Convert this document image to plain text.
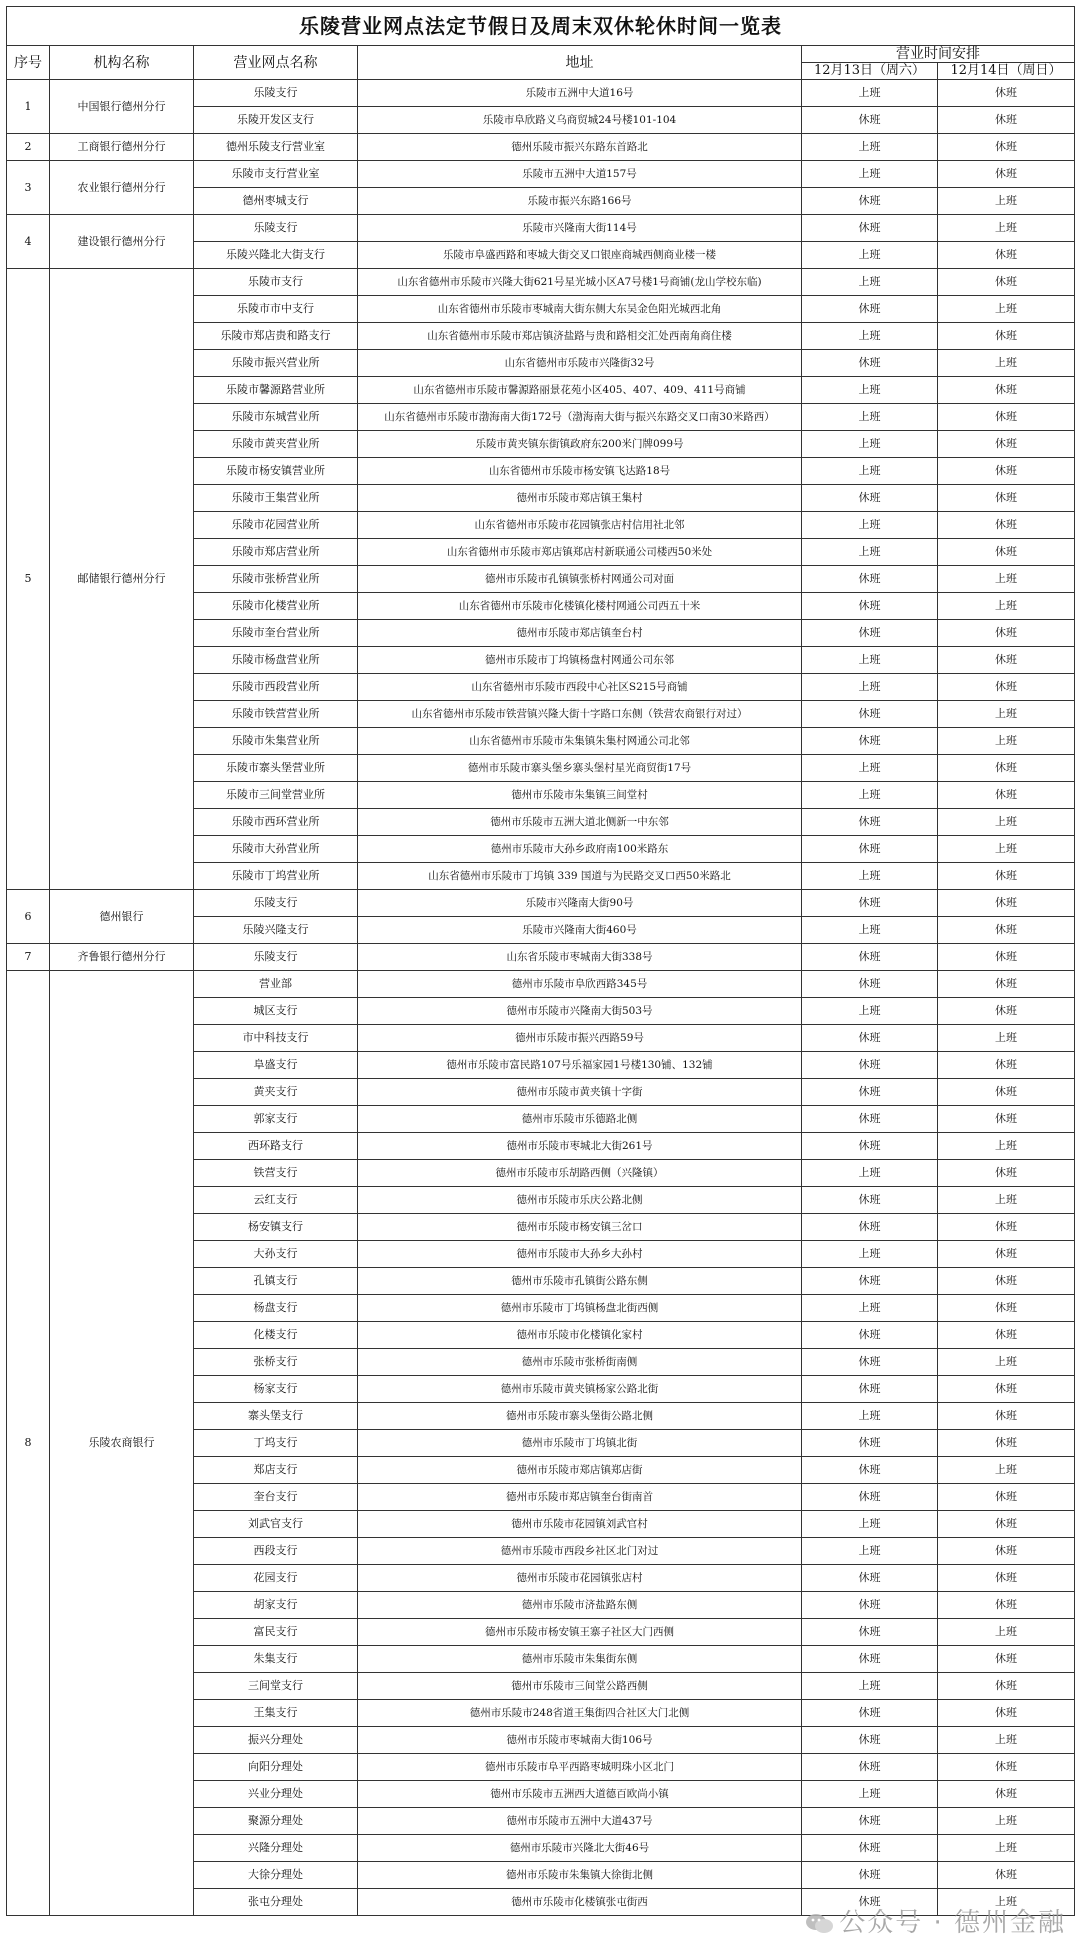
乐陵营业网点法定节假日及周末双休轮休时间一览表					
序号	机构名称	营业网点名称	地址	营业时间安排	
				12月13日（周六）	12月14日（周日）
1	中国银行德州分行	乐陵支行	乐陵市五洲中大道16号	上班	休班
		乐陵开发区支行	乐陵市阜欣路义乌商贸城24号楼101-104	休班	休班
2	工商银行德州分行	德州乐陵支行营业室	德州乐陵市振兴东路东首路北	上班	休班
3	农业银行德州分行	乐陵市支行营业室	乐陵市五洲中大道157号	上班	休班
		德州枣城支行	乐陵市振兴东路166号	休班	上班
4	建设银行德州分行	乐陵支行	乐陵市兴隆南大街114号	休班	上班
		乐陵兴隆北大街支行	乐陵市阜盛西路和枣城大街交叉口银座商城西侧商业楼一楼	上班	休班
5	邮储银行德州分行	乐陵市支行	山东省德州市乐陵市兴隆大街621号星光城小区A7号楼1号商铺(龙山学校东临)	上班	休班
		乐陵市市中支行	山东省德州市乐陵市枣城南大街东侧大东吴金色阳光城西北角	休班	上班
		乐陵市郑店贵和路支行	山东省德州市乐陵市郑店镇济盐路与贵和路相交汇处西南角商住楼	上班	休班
		乐陵市振兴营业所	山东省德州市乐陵市兴隆街32号	休班	上班
		乐陵市馨源路营业所	山东省德州市乐陵市馨源路丽景花苑小区405、407、409、411号商铺	上班	休班
		乐陵市东城营业所	山东省德州市乐陵市渤海南大街172号（渤海南大街与振兴东路交叉口南30米路西）	上班	休班
		乐陵市黄夹营业所	乐陵市黄夹镇东街镇政府东200米门牌099号	上班	休班
		乐陵市杨安镇营业所	山东省德州市乐陵市杨安镇飞达路18号	上班	休班
		乐陵市王集营业所	德州市乐陵市郑店镇王集村	休班	休班
		乐陵市花园营业所	山东省德州市乐陵市花园镇张店村信用社北邻	上班	休班
		乐陵市郑店营业所	山东省德州市乐陵市郑店镇郑店村新联通公司楼西50米处	上班	休班
		乐陵市张桥营业所	德州市乐陵市孔镇镇张桥村网通公司对面	休班	上班
		乐陵市化楼营业所	山东省德州市乐陵市化楼镇化楼村网通公司西五十米	休班	上班
		乐陵市奎台营业所	德州市乐陵市郑店镇奎台村	休班	休班
		乐陵市杨盘营业所	德州市乐陵市丁坞镇杨盘村网通公司东邻	上班	休班
		乐陵市西段营业所	山东省德州市乐陵市西段中心社区S215号商铺	上班	休班
		乐陵市铁营营业所	山东省德州市乐陵市铁营镇兴隆大街十字路口东侧（铁营农商银行对过）	休班	上班
		乐陵市朱集营业所	山东省德州市乐陵市朱集镇朱集村网通公司北邻	休班	上班
		乐陵市寨头堡营业所	德州市乐陵市寨头堡乡寨头堡村星光商贸街17号	上班	休班
		乐陵市三间堂营业所	德州市乐陵市朱集镇三间堂村	上班	休班
		乐陵市西环营业所	德州市乐陵市五洲大道北侧新一中东邻	休班	上班
		乐陵市大孙营业所	德州市乐陵市大孙乡政府南100米路东	休班	上班
		乐陵市丁坞营业所	山东省德州市乐陵市丁坞镇 339 国道与为民路交叉口西50米路北	上班	休班
6	德州银行	乐陵支行	乐陵市兴隆南大街90号	休班	休班
		乐陵兴隆支行	乐陵市兴隆南大街460号	上班	休班
7	齐鲁银行德州分行	乐陵支行	山东省乐陵市枣城南大街338号	休班	休班
8	乐陵农商银行	营业部	德州市乐陵市阜欣西路345号	休班	休班
		城区支行	德州市乐陵市兴隆南大街503号	上班	休班
		市中科技支行	德州市乐陵市振兴西路59号	休班	上班
		阜盛支行	德州市乐陵市富民路107号乐福家园1号楼130铺、132铺	休班	休班
		黄夹支行	德州市乐陵市黄夹镇十字街	休班	休班
		郭家支行	德州市乐陵市乐德路北侧	休班	休班
		西环路支行	德州市乐陵市枣城北大街261号	休班	上班
		铁营支行	德州市乐陵市乐胡路西侧（兴隆镇）	上班	休班
		云红支行	德州市乐陵市乐庆公路北侧	休班	上班
		杨安镇支行	德州市乐陵市杨安镇三岔口	休班	休班
		大孙支行	德州市乐陵市大孙乡大孙村	上班	休班
		孔镇支行	德州市乐陵市孔镇街公路东侧	休班	休班
		杨盘支行	德州市乐陵市丁坞镇杨盘北街西侧	上班	休班
		化楼支行	德州市乐陵市化楼镇化家村	休班	休班
		张桥支行	德州市乐陵市张桥街南侧	休班	上班
		杨家支行	德州市乐陵市黄夹镇杨家公路北街	休班	休班
		寨头堡支行	德州市乐陵市寨头堡街公路北侧	上班	休班
		丁坞支行	德州市乐陵市丁坞镇北街	休班	休班
		郑店支行	德州市乐陵市郑店镇郑店街	休班	上班
		奎台支行	德州市乐陵市郑店镇奎台街南首	休班	休班
		刘武官支行	德州市乐陵市花园镇刘武官村	上班	休班
		西段支行	德州市乐陵市西段乡社区北门对过	上班	休班
		花园支行	德州市乐陵市花园镇张店村	休班	休班
		胡家支行	德州市乐陵市济盐路东侧	休班	休班
		富民支行	德州市乐陵市杨安镇王寨子社区大门西侧	休班	上班
		朱集支行	德州市乐陵市朱集街东侧	休班	休班
		三间堂支行	德州市乐陵市三间堂公路西侧	上班	休班
		王集支行	德州市乐陵市248省道王集街四合社区大门北侧	休班	休班
		振兴分理处	德州市乐陵市枣城南大街106号	休班	上班
		向阳分理处	德州市乐陵市阜平西路枣城明珠小区北门	休班	休班
		兴业分理处	德州市乐陵市五洲西大道德百欧尚小镇	上班	休班
		聚源分理处	德州市乐陵市五洲中大道437号	休班	上班
		兴隆分理处	德州市乐陵市兴隆北大街46号	休班	上班
		大徐分理处	德州市乐陵市朱集镇大徐街北侧	休班	休班
		张屯分理处	德州市乐陵市化楼镇张屯街西	休班	上班
公众号 · 德州金融
